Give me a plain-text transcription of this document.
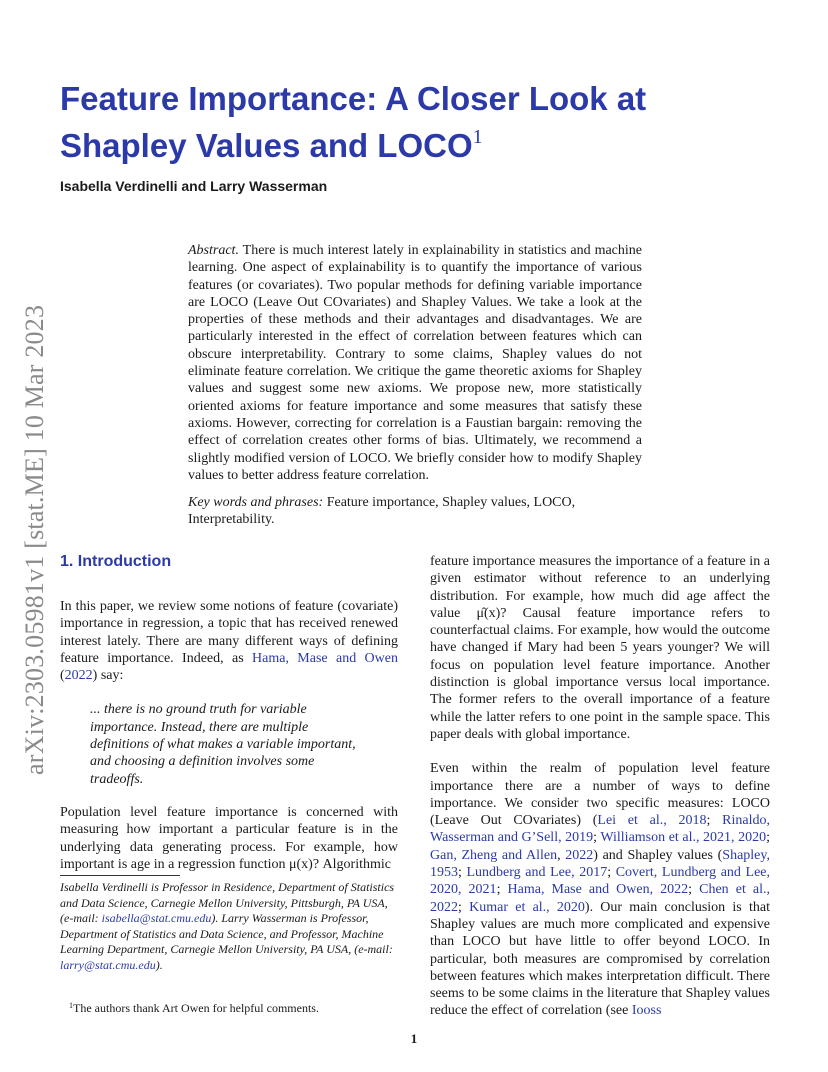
arXiv:2303.05981v1 [stat.ME] 10 Mar 2023
Feature Importance: A Closer Look at Shapley Values and LOCO$^1$
Isabella Verdinelli and Larry Wasserman
Abstract. There is much interest lately in explainability in statistics and machine learning. One aspect of explainability is to quantify the importance of various features (or covariates). Two popular methods for defining variable importance are LOCO (Leave Out COvariates) and Shapley Values. We take a look at the properties of these methods and their advantages and disadvantages. We are particularly interested in the effect of correlation between features which can obscure interpretability. Contrary to some claims, Shapley values do not eliminate feature correlation. We critique the game theoretic axioms for Shapley values and suggest some new axioms. We propose new, more statistically oriented axioms for feature importance and some measures that satisfy these axioms. However, correcting for correlation is a Faustian bargain: removing the effect of correlation creates other forms of bias. Ultimately, we recommend a slightly modified version of LOCO. We briefly consider how to modify Shapley values to better address feature correlation.
Key words and phrases: Feature importance, Shapley values, LOCO, Interpretability.
1. Introduction

In this paper, we review some notions of feature (covariate) importance in regression, a topic that has received renewed interest lately. There are many different ways of defining feature importance. Indeed, as Hama, Mase and Owen (2022) say:

... there is no ground truth for variable importance. Instead, there are multiple definitions of what makes a variable important, and choosing a definition involves some tradeoffs.

Population level feature importance is concerned with measuring how important a particular feature is in the underlying data generating process. For example, how important is age in a regression function μ(x)? Algorithmic

feature importance measures the importance of a feature in a given estimator without reference to an underlying distribution. For example, how much did age affect the value μ̂(x)? Causal feature importance refers to counterfactual claims. For example, how would the outcome have changed if Mary had been 5 years younger? We will focus on population level feature importance. Another distinction is global importance versus local importance. The former refers to the overall importance of a feature while the latter refers to one point in the sample space. This paper deals with global importance.

Even within the realm of population level feature importance there are a number of ways to define importance. We consider two specific measures: LOCO (Leave Out COvariates) (Lei et al., 2018; Rinaldo, Wasserman and G’Sell, 2019; Williamson et al., 2021, 2020; Gan, Zheng and Allen, 2022) and Shapley values (Shapley, 1953; Lundberg and Lee, 2017; Covert, Lundberg and Lee, 2020, 2021; Hama, Mase and Owen, 2022; Chen et al., 2022; Kumar et al., 2020). Our main conclusion is that Shapley values are much more complicated and expensive than LOCO but have little to offer beyond LOCO. In particular, both measures are compromised by correlation between features which makes interpretation difficult. There seems to be some claims in the literature that Shapley values reduce the effect of correlation (see Iooss

Isabella Verdinelli is Professor in Residence, Department of Statistics and Data Science, Carnegie Mellon University, Pittsburgh, PA USA, (e-mail: isabella@stat.cmu.edu). Larry Wasserman is Professor, Department of Statistics and Data Science, and Professor, Machine Learning Department, Carnegie Mellon University, PA USA, (e-mail: larry@stat.cmu.edu).

$^1$The authors thank Art Owen for helpful comments.

1
